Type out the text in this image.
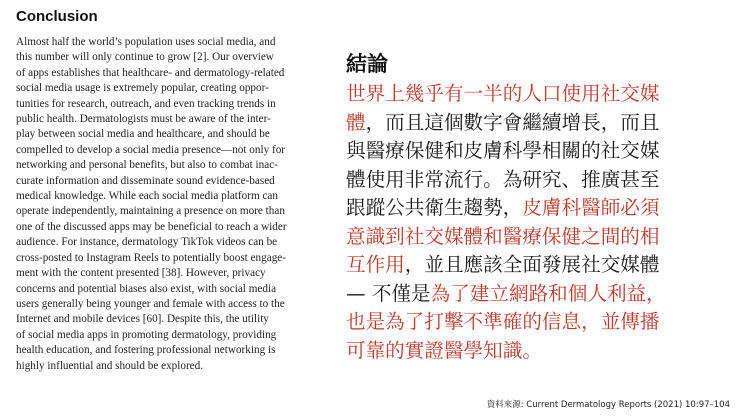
Conclusion

Almost half the world’s population uses social media, and
this number will only continue to grow [2]. Our overview
of apps establishes that healthcare- and dermatology-related
social media usage is extremely popular, creating oppor-
tunities for research, outreach, and even tracking trends in
public health. Dermatologists must be aware of the inter-
play between social media and healthcare, and should be
compelled to develop a social media presence—not only for
networking and personal benefits, but also to combat inac-
curate information and disseminate sound evidence-based
medical knowledge. While each social media platform can
operate independently, maintaining a presence on more than
one of the discussed apps may be beneficial to reach a wider
audience. For instance, dermatology TikTok videos can be
cross-posted to Instagram Reels to potentially boost engage-
ment with the content presented [38]. However, privacy
concerns and potential biases also exist, with social media
users generally being younger and female with access to the
Internet and mobile devices [60]. Despite this, the utility
of social media apps in promoting dermatology, providing
health education, and fostering professional networking is
highly influential and should be explored.

結論

世界上幾乎有一半的人口使用社交媒
體，而且這個數字會繼續增長，而且
與醫療保健和皮膚科學相關的社交媒
體使用非常流行。為研究、推廣甚至
跟蹤公共衛生趨勢，皮膚科醫師必須
意識到社交媒體和醫療保健之間的相
互作用，並且應該全面發展社交媒體
— 不僅是為了建立網路和個人利益，
也是為了打擊不準確的信息，並傳播
可靠的實證醫學知識。

資料來源: Current Dermatology Reports (2021) 10:97–104
